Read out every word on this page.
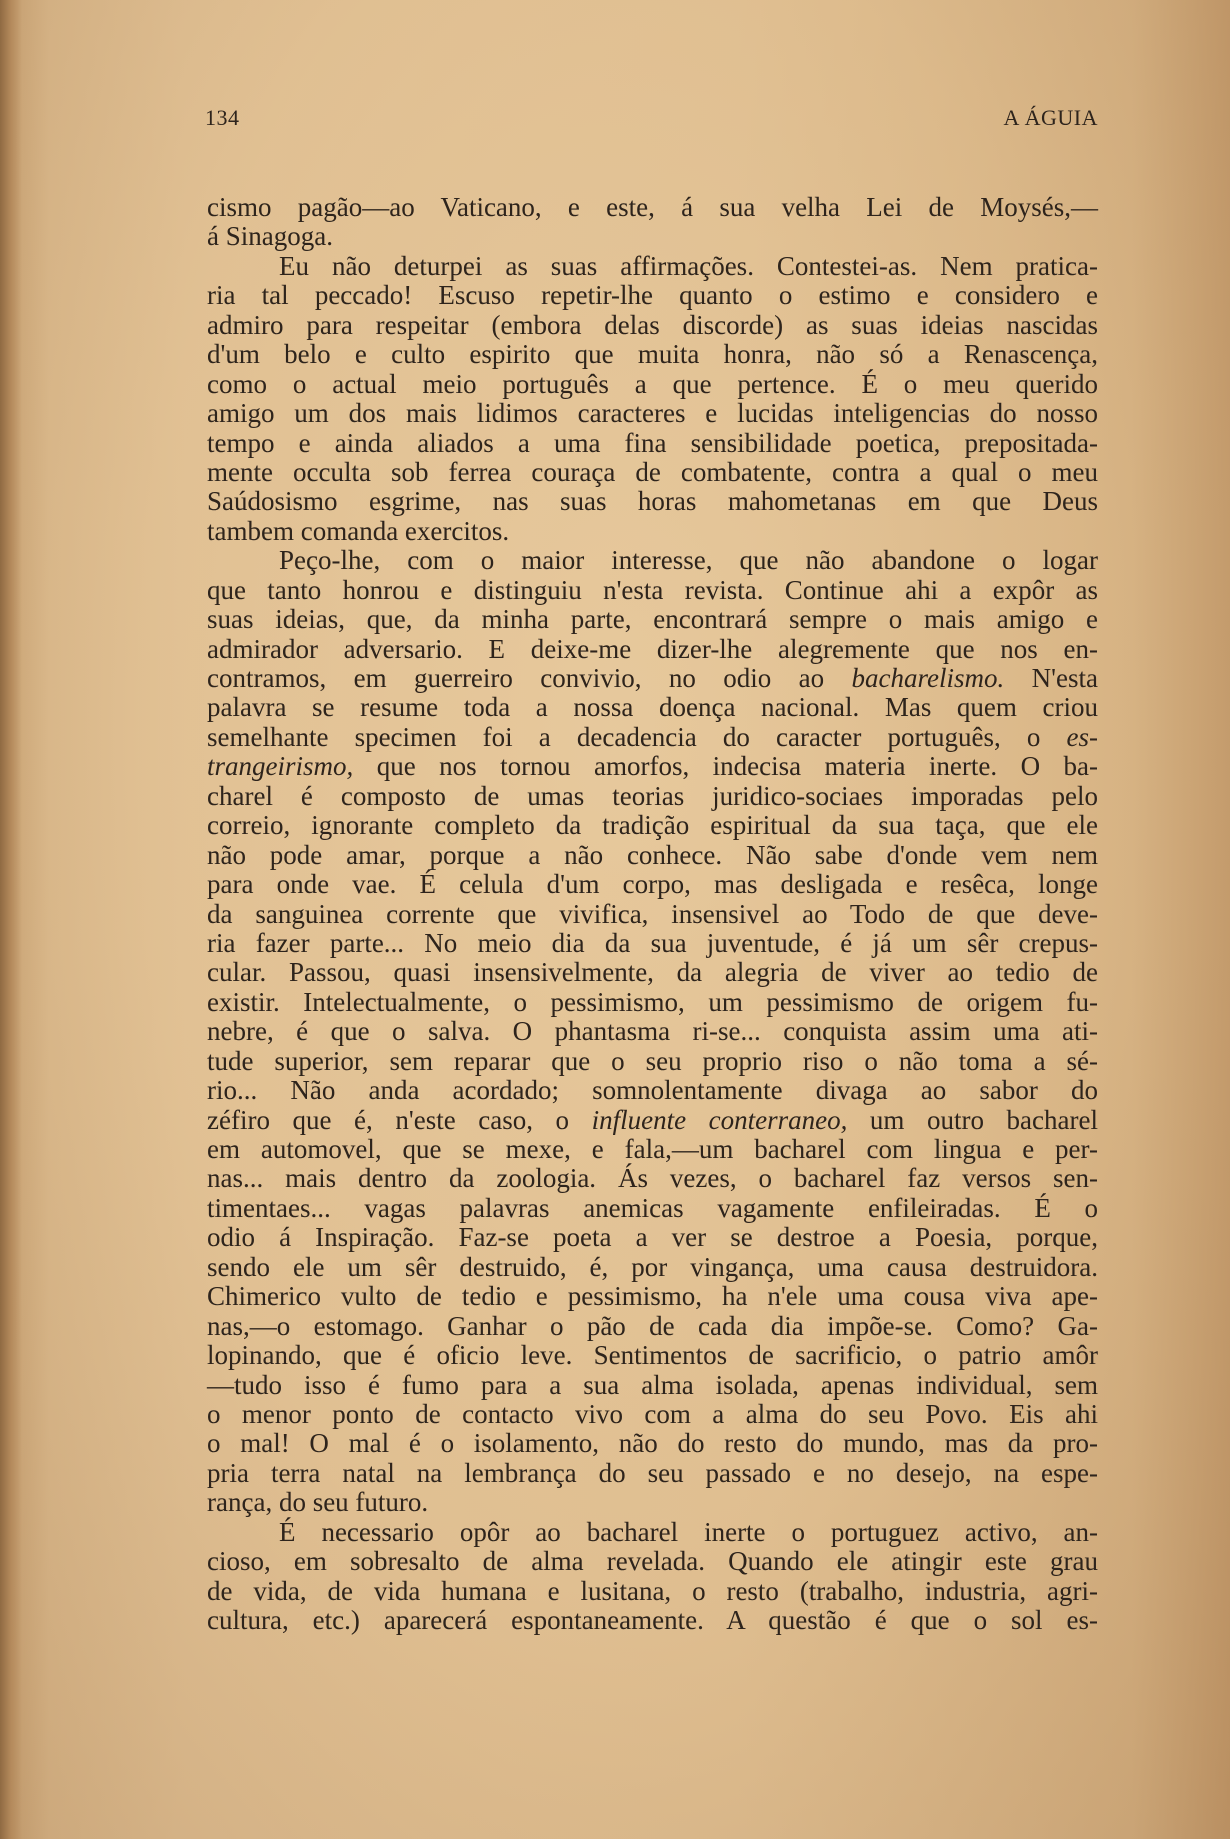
134	A ÁGUIA
cismo pagão—ao Vaticano, e este, á sua velha Lei de Moysés,—
á Sinagoga.
Eu não deturpei as suas affirmações. Contestei-as. Nem pratica-
ria tal peccado! Escuso repetir-lhe quanto o estimo e considero e
admiro para respeitar (embora delas discorde) as suas ideias nascidas
d'um belo e culto espirito que muita honra, não só a Renascença,
como o actual meio português a que pertence. É o meu querido
amigo um dos mais lidimos caracteres e lucidas inteligencias do nosso
tempo e ainda aliados a uma fina sensibilidade poetica, prepositada-
mente occulta sob ferrea couraça de combatente, contra a qual o meu
Saúdosismo esgrime, nas suas horas mahometanas em que Deus
tambem comanda exercitos.
Peço-lhe, com o maior interesse, que não abandone o logar
que tanto honrou e distinguiu n'esta revista. Continue ahi a expôr as
suas ideias, que, da minha parte, encontrará sempre o mais amigo e
admirador adversario. E deixe-me dizer-lhe alegremente que nos en-
contramos, em guerreiro convivio, no odio ao bacharelismo. N'esta
palavra se resume toda a nossa doença nacional. Mas quem criou
semelhante specimen foi a decadencia do caracter português, o es-
trangeirismo, que nos tornou amorfos, indecisa materia inerte. O ba-
charel é composto de umas teorias juridico-sociaes imporadas pelo
correio, ignorante completo da tradição espiritual da sua taça, que ele
não pode amar, porque a não conhece. Não sabe d'onde vem nem
para onde vae. É celula d'um corpo, mas desligada e resêca, longe
da sanguinea corrente que vivifica, insensivel ao Todo de que deve-
ria fazer parte... No meio dia da sua juventude, é já um sêr crepus-
cular. Passou, quasi insensivelmente, da alegria de viver ao tedio de
existir. Intelectualmente, o pessimismo, um pessimismo de origem fu-
nebre, é que o salva. O phantasma ri-se... conquista assim uma ati-
tude superior, sem reparar que o seu proprio riso o não toma a sé-
rio... Não anda acordado; somnolentamente divaga ao sabor do
zéfiro que é, n'este caso, o influente conterraneo, um outro bacharel
em automovel, que se mexe, e fala,—um bacharel com lingua e per-
nas... mais dentro da zoologia. Ás vezes, o bacharel faz versos sen-
timentaes... vagas palavras anemicas vagamente enfileiradas. É o
odio á Inspiração. Faz-se poeta a ver se destroe a Poesia, porque,
sendo ele um sêr destruido, é, por vingança, uma causa destruidora.
Chimerico vulto de tedio e pessimismo, ha n'ele uma cousa viva ape-
nas,—o estomago. Ganhar o pão de cada dia impõe-se. Como? Ga-
lopinando, que é oficio leve. Sentimentos de sacrificio, o patrio amôr
—tudo isso é fumo para a sua alma isolada, apenas individual, sem
o menor ponto de contacto vivo com a alma do seu Povo. Eis ahi
o mal! O mal é o isolamento, não do resto do mundo, mas da pro-
pria terra natal na lembrança do seu passado e no desejo, na espe-
rança, do seu futuro.
É necessario opôr ao bacharel inerte o portuguez activo, an-
cioso, em sobresalto de alma revelada. Quando ele atingir este grau
de vida, de vida humana e lusitana, o resto (trabalho, industria, agri-
cultura, etc.) aparecerá espontaneamente. A questão é que o sol es-
